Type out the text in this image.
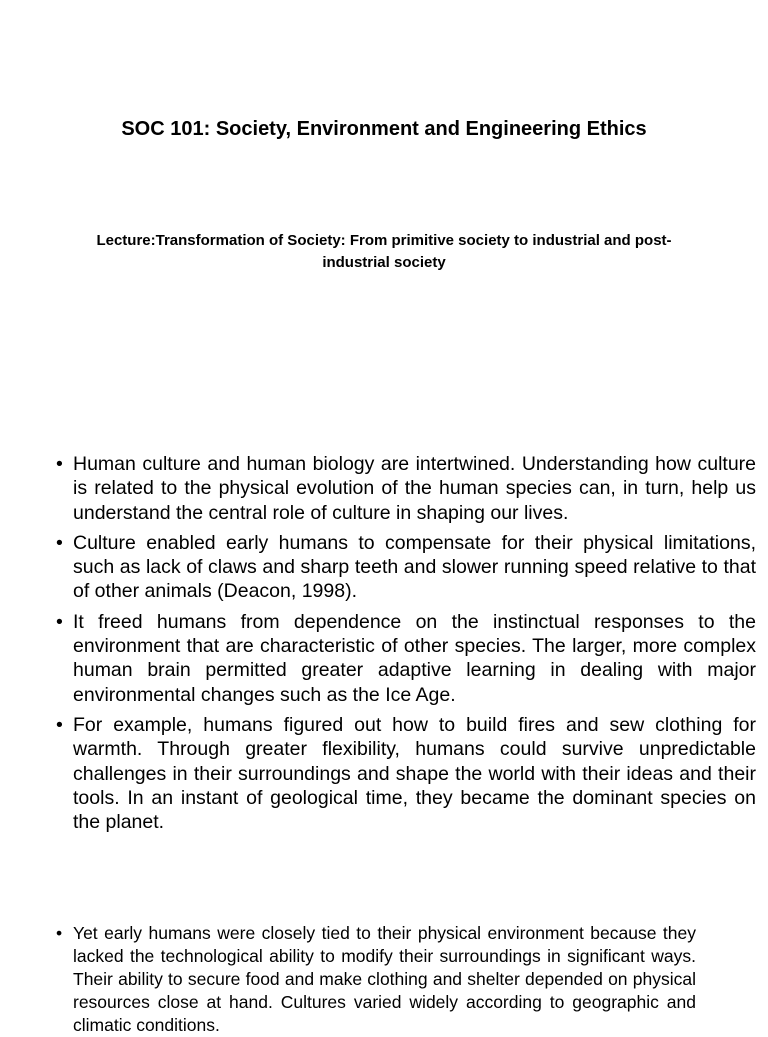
SOC 101: Society, Environment and Engineering Ethics
Lecture:Transformation of Society: From primitive society to industrial and post-industrial society
• Human culture and human biology are intertwined. Understanding how culture is related to the physical evolution of the human species can, in turn, help us understand the central role of culture in shaping our lives.
• Culture enabled early humans to compensate for their physical limitations, such as lack of claws and sharp teeth and slower running speed relative to that of other animals (Deacon, 1998).
• It freed humans from dependence on the instinctual responses to the environment that are characteristic of other species. The larger, more complex human brain permitted greater adaptive learning in dealing with major environmental changes such as the Ice Age.
• For example, humans figured out how to build fires and sew clothing for warmth. Through greater flexibility, humans could survive unpredictable challenges in their surroundings and shape the world with their ideas and their tools. In an instant of geological time, they became the dominant species on the planet.
• Yet early humans were closely tied to their physical environment because they lacked the technological ability to modify their surroundings in significant ways. Their ability to secure food and make clothing and shelter depended on physical resources close at hand. Cultures varied widely according to geographic and climatic conditions.
